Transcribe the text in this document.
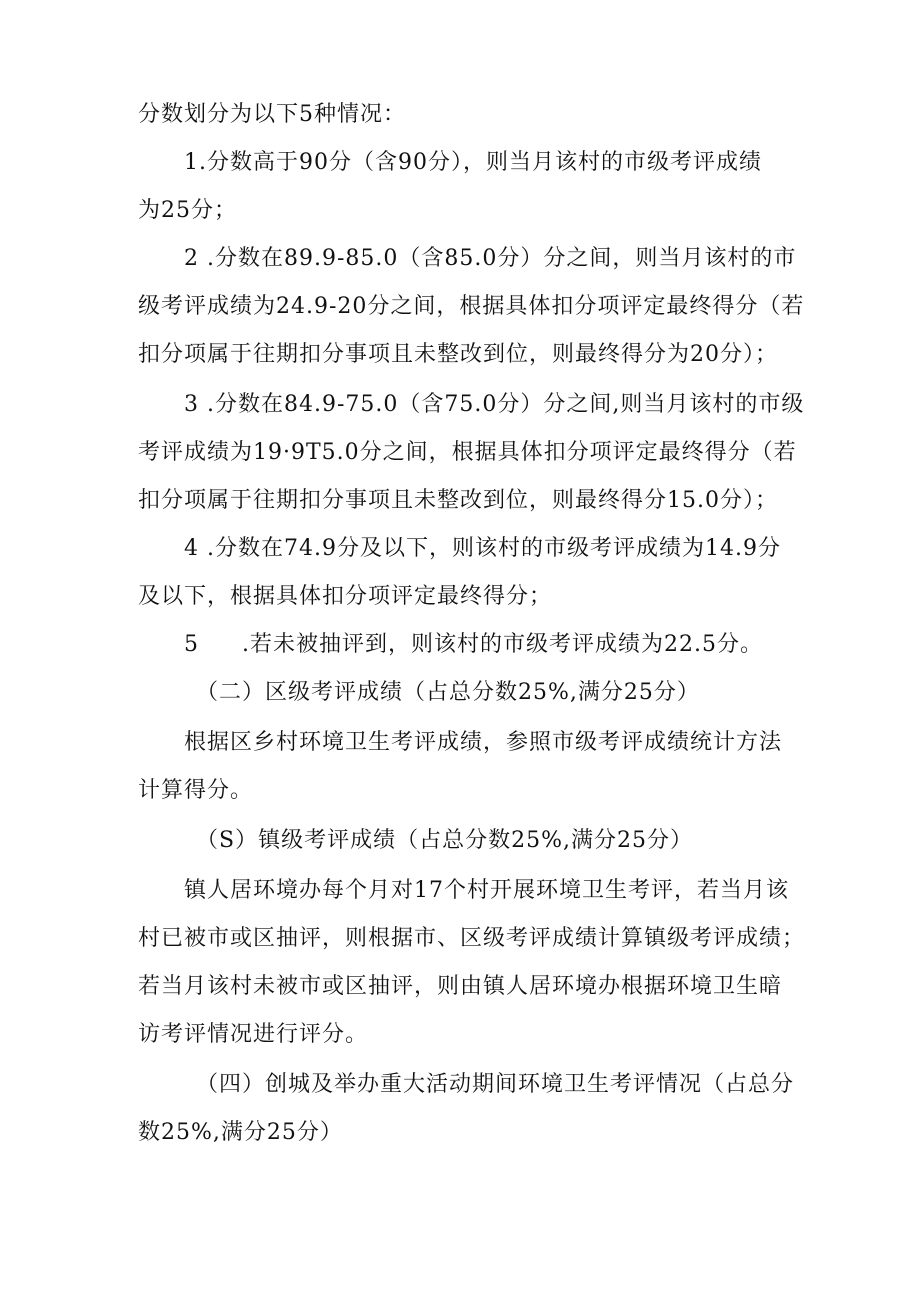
分数划分为以下5种情况：
1.分数高于90分（含90分），则当月该村的市级考评成绩
为25分；
2 .分数在89.9-85.0（含85.0分）分之间，则当月该村的市
级考评成绩为24.9-20分之间，根据具体扣分项评定最终得分（若
扣分项属于往期扣分事项且未整改到位，则最终得分为20分）；
3 .分数在84.9-75.0（含75.0分）分之间,则当月该村的市级
考评成绩为19·9T5.0分之间，根据具体扣分项评定最终得分（若
扣分项属于往期扣分事项且未整改到位，则最终得分15.0分）；
4 .分数在74.9分及以下，则该村的市级考评成绩为14.9分
及以下，根据具体扣分项评定最终得分；
5 .若未被抽评到，则该村的市级考评成绩为22.5分。
（二）区级考评成绩（占总分数25%,满分25分）
根据区乡村环境卫生考评成绩，参照市级考评成绩统计方法
计算得分。
（S）镇级考评成绩（占总分数25%,满分25分）
镇人居环境办每个月对17个村开展环境卫生考评，若当月该
村已被市或区抽评，则根据市、区级考评成绩计算镇级考评成绩；
若当月该村未被市或区抽评，则由镇人居环境办根据环境卫生暗
访考评情况进行评分。
（四）创城及举办重大活动期间环境卫生考评情况（占总分
数25%,满分25分）
